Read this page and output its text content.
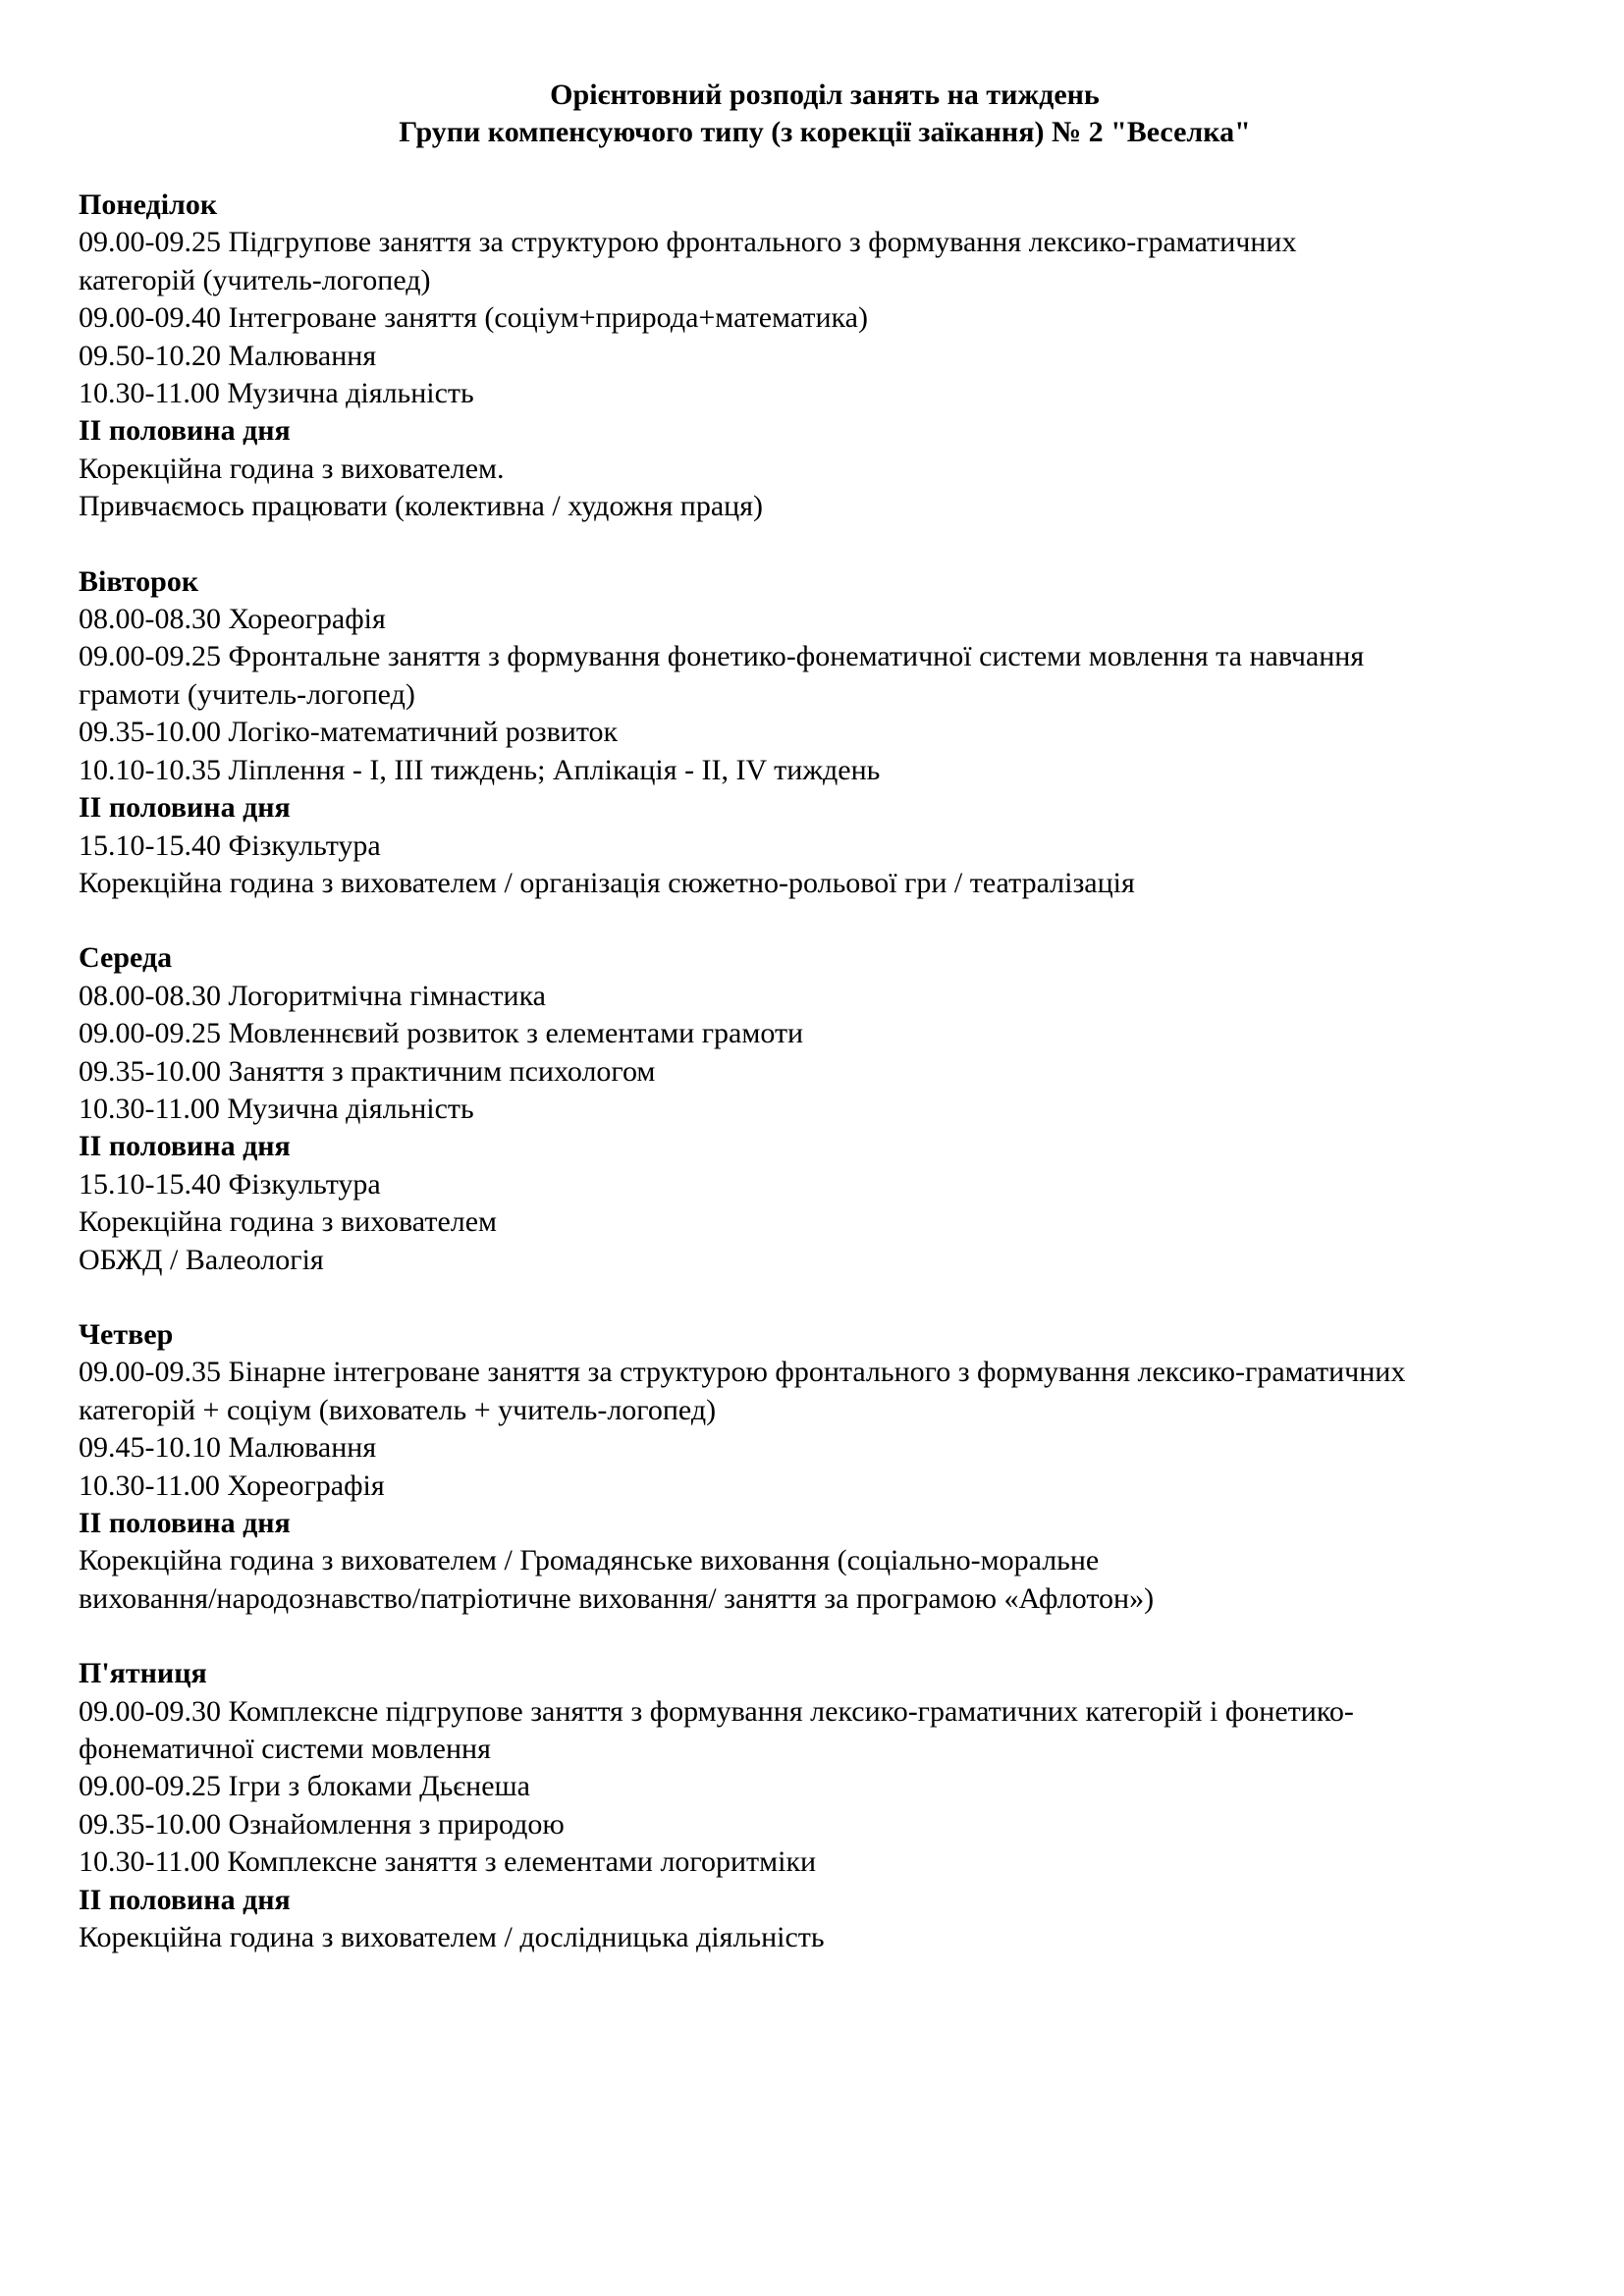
Орієнтовний розподіл занять на тиждень

Групи компенсуючого типу (з корекції заїкання) № 2 "Веселка"

Понеділок

09.00-09.25 Підгрупове заняття за структурою фронтального з формування лексико-граматичних

категорій (учитель-логопед)

09.00-09.40 Інтегроване заняття (соціум+природа+математика)

09.50-10.20 Малювання

10.30-11.00 Музична діяльність

ІІ половина дня

Корекційна година з вихователем.

Привчаємось працювати (колективна / художня праця)

Вівторок

08.00-08.30 Хореографія

09.00-09.25 Фронтальне заняття з формування фонетико-фонематичної системи мовлення та навчання

грамоти (учитель-логопед)

09.35-10.00 Логіко-математичний розвиток

10.10-10.35 Ліплення - І, ІІІ тиждень; Аплікація - ІІ, IV тиждень

ІІ половина дня

15.10-15.40 Фізкультура

Корекційна година з вихователем / організація сюжетно-рольової гри / театралізація

Середа

08.00-08.30 Логоритмічна гімнастика

09.00-09.25 Мовленнєвий розвиток з елементами грамоти

09.35-10.00 Заняття з практичним психологом

10.30-11.00 Музична діяльність

ІІ половина дня

15.10-15.40 Фізкультура

Корекційна година з вихователем

ОБЖД / Валеологія

Четвер

09.00-09.35 Бінарне інтегроване заняття за структурою фронтального з формування лексико-граматичних

категорій + соціум (вихователь + учитель-логопед)

09.45-10.10 Малювання

10.30-11.00 Хореографія

ІІ половина дня

Корекційна година з вихователем / Громадянське виховання (соціально-моральне

виховання/народознавство/патріотичне виховання/ заняття за програмою «Афлотон»)

П'ятниця

09.00-09.30 Комплексне підгрупове заняття з формування лексико-граматичних категорій і фонетико-

фонематичної системи мовлення

09.00-09.25 Ігри з блоками Дьєнеша

09.35-10.00 Ознайомлення з природою

10.30-11.00 Комплексне заняття з елементами логоритміки

ІІ половина дня

Корекційна година з вихователем / дослідницька діяльність
